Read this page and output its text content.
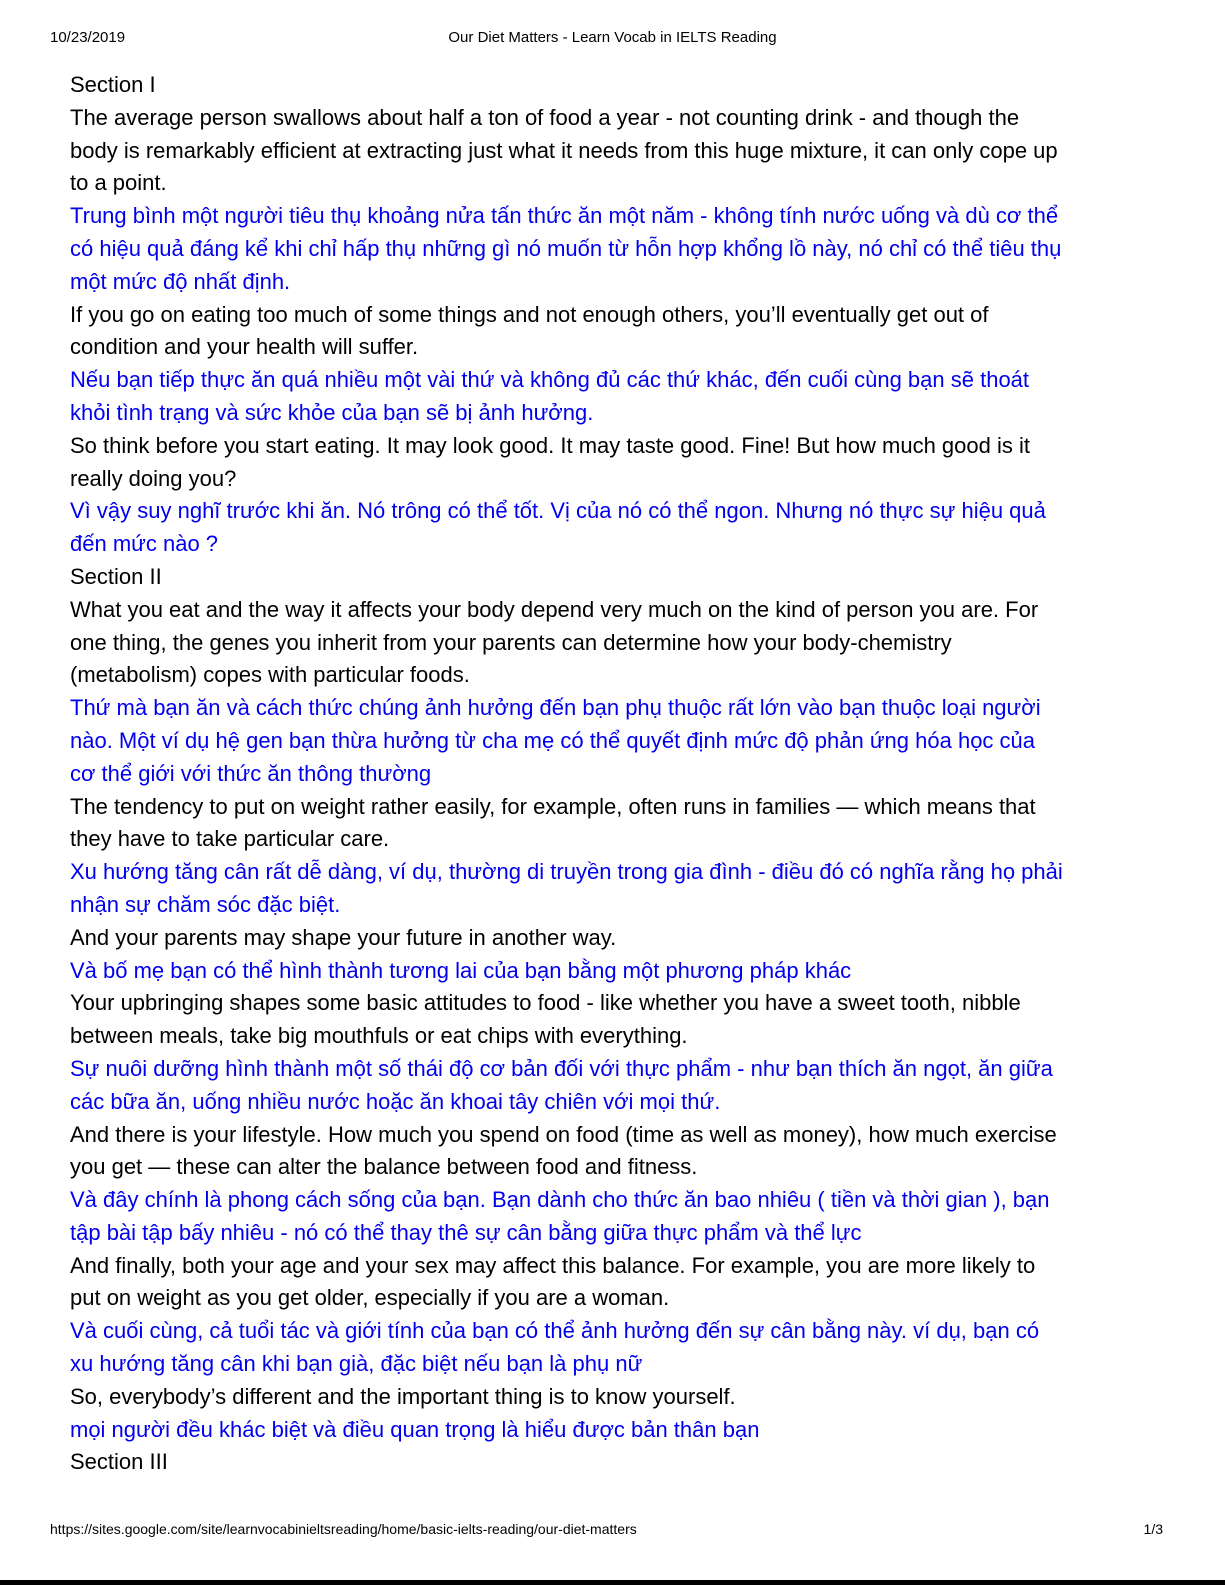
10/23/2019	Our Diet Matters - Learn Vocab in IELTS Reading

Section I

The average person swallows about half a ton of food a year - not counting drink - and though the

body is remarkably efficient at extracting just what it needs from this huge mixture, it can only cope up

to a point.

Trung bình một người tiêu thụ khoảng nửa tấn thức ăn một năm - không tính nước uống và dù cơ thể

có hiệu quả đáng kể khi chỉ hấp thụ những gì nó muốn từ hỗn hợp khổng lồ này, nó chỉ có thể tiêu thụ

một mức độ nhất định.

If you go on eating too much of some things and not enough others, you’ll eventually get out of

condition and your health will suffer.

Nếu bạn tiếp thực ăn quá nhiều một vài thứ và không đủ các thứ khác, đến cuối cùng bạn sẽ thoát

khỏi tình trạng và sức khỏe của bạn sẽ bị ảnh hưởng.

So think before you start eating. It may look good. It may taste good. Fine! But how much good is it

really doing you?

Vì vậy suy nghĩ trước khi ăn. Nó trông có thể tốt. Vị của nó có thể ngon. Nhưng nó thực sự hiệu quả

đến mức nào ?

Section II

What you eat and the way it affects your body depend very much on the kind of person you are. For

one thing, the genes you inherit from your parents can determine how your body-chemistry

(metabolism) copes with particular foods.

Thứ mà bạn ăn và cách thức chúng ảnh hưởng đến bạn phụ thuộc rất lớn vào bạn thuộc loại người

nào. Một ví dụ hệ gen bạn thừa hưởng từ cha mẹ có thể quyết định mức độ phản ứng hóa học của

cơ thể giới với thức ăn thông thường

The tendency to put on weight rather easily, for example, often runs in families — which means that

they have to take particular care.

Xu hướng tăng cân rất dễ dàng, ví dụ, thường di truyền trong gia đình - điều đó có nghĩa rằng họ phải

nhận sự chăm sóc đặc biệt.

And your parents may shape your future in another way.

Và bố mẹ bạn có thể hình thành tương lai của bạn bằng một phương pháp khác

Your upbringing shapes some basic attitudes to food - like whether you have a sweet tooth, nibble

between meals, take big mouthfuls or eat chips with everything.

Sự nuôi dưỡng hình thành một số thái độ cơ bản đối với thực phẩm - như bạn thích ăn ngọt, ăn giữa

các bữa ăn, uống nhiều nước hoặc ăn khoai tây chiên với mọi thứ.

And there is your lifestyle. How much you spend on food (time as well as money), how much exercise

you get — these can alter the balance between food and fitness.

Và đây chính là phong cách sống của bạn. Bạn dành cho thức ăn bao nhiêu ( tiền và thời gian ), bạn

tập bài tập bấy nhiêu - nó có thể thay thê sự cân bằng giữa thực phẩm và thể lực

And finally, both your age and your sex may affect this balance. For example, you are more likely to

put on weight as you get older, especially if you are a woman.

Và cuối cùng, cả tuổi tác và giới tính của bạn có thể ảnh hưởng đến sự cân bằng này. ví dụ, bạn có

xu hướng tăng cân khi bạn già, đặc biệt nếu bạn là phụ nữ

So, everybody’s different and the important thing is to know yourself.

mọi người đều khác biệt và điều quan trọng là hiểu được bản thân bạn

Section III

https://sites.google.com/site/learnvocabinieltsreading/home/basic-ielts-reading/our-diet-matters	1/3
